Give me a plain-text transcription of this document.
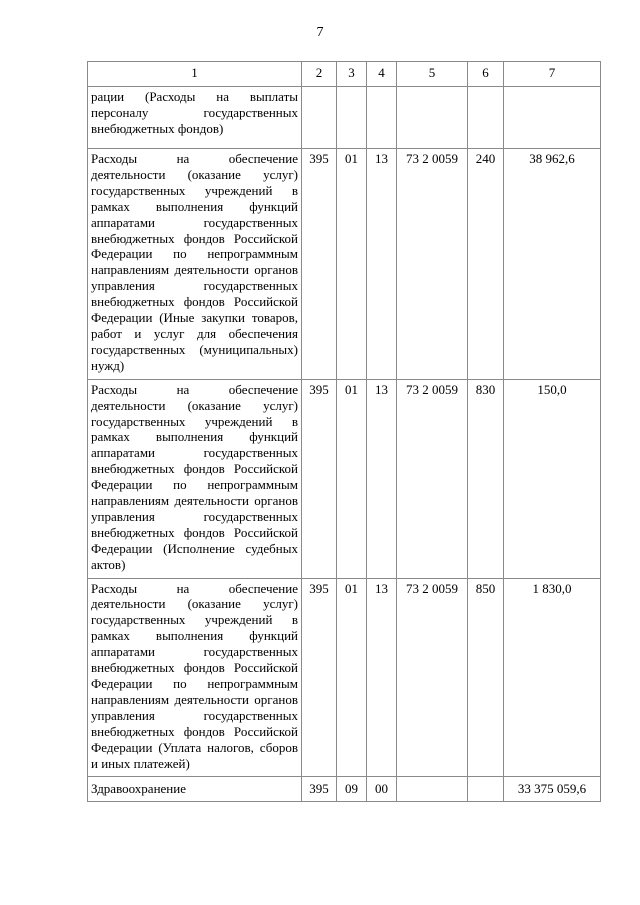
7
1	2	3	4	5	6	7
рации (Расходы на выплаты персоналу государственных внебюджетных фондов)						
Расходы на обеспечение деятельности (оказание услуг) государственных учреждений в рамках выполнения функций аппаратами государственных внебюджетных фондов Российской Федерации по непрограммным направлениям деятельности органов управления государственных внебюджетных фондов Российской Федерации (Иные закупки товаров, работ и услуг для обеспечения государственных (муниципальных) нужд)	395	01	13	73 2 0059	240	38 962,6
Расходы на обеспечение деятельности (оказание услуг) государственных учреждений в рамках выполнения функций аппаратами государственных внебюджетных фондов Российской Федерации по непрограммным направлениям деятельности органов управления государственных внебюджетных фондов Российской Федерации (Исполнение судебных актов)	395	01	13	73 2 0059	830	150,0
Расходы на обеспечение деятельности (оказание услуг) государственных учреждений в рамках выполнения функций аппаратами государственных внебюджетных фондов Российской Федерации по непрограммным направлениям деятельности органов управления государственных внебюджетных фондов Российской Федерации (Уплата налогов, сборов и иных платежей)	395	01	13	73 2 0059	850	1 830,0
Здравоохранение	395	09	00			33 375 059,6
